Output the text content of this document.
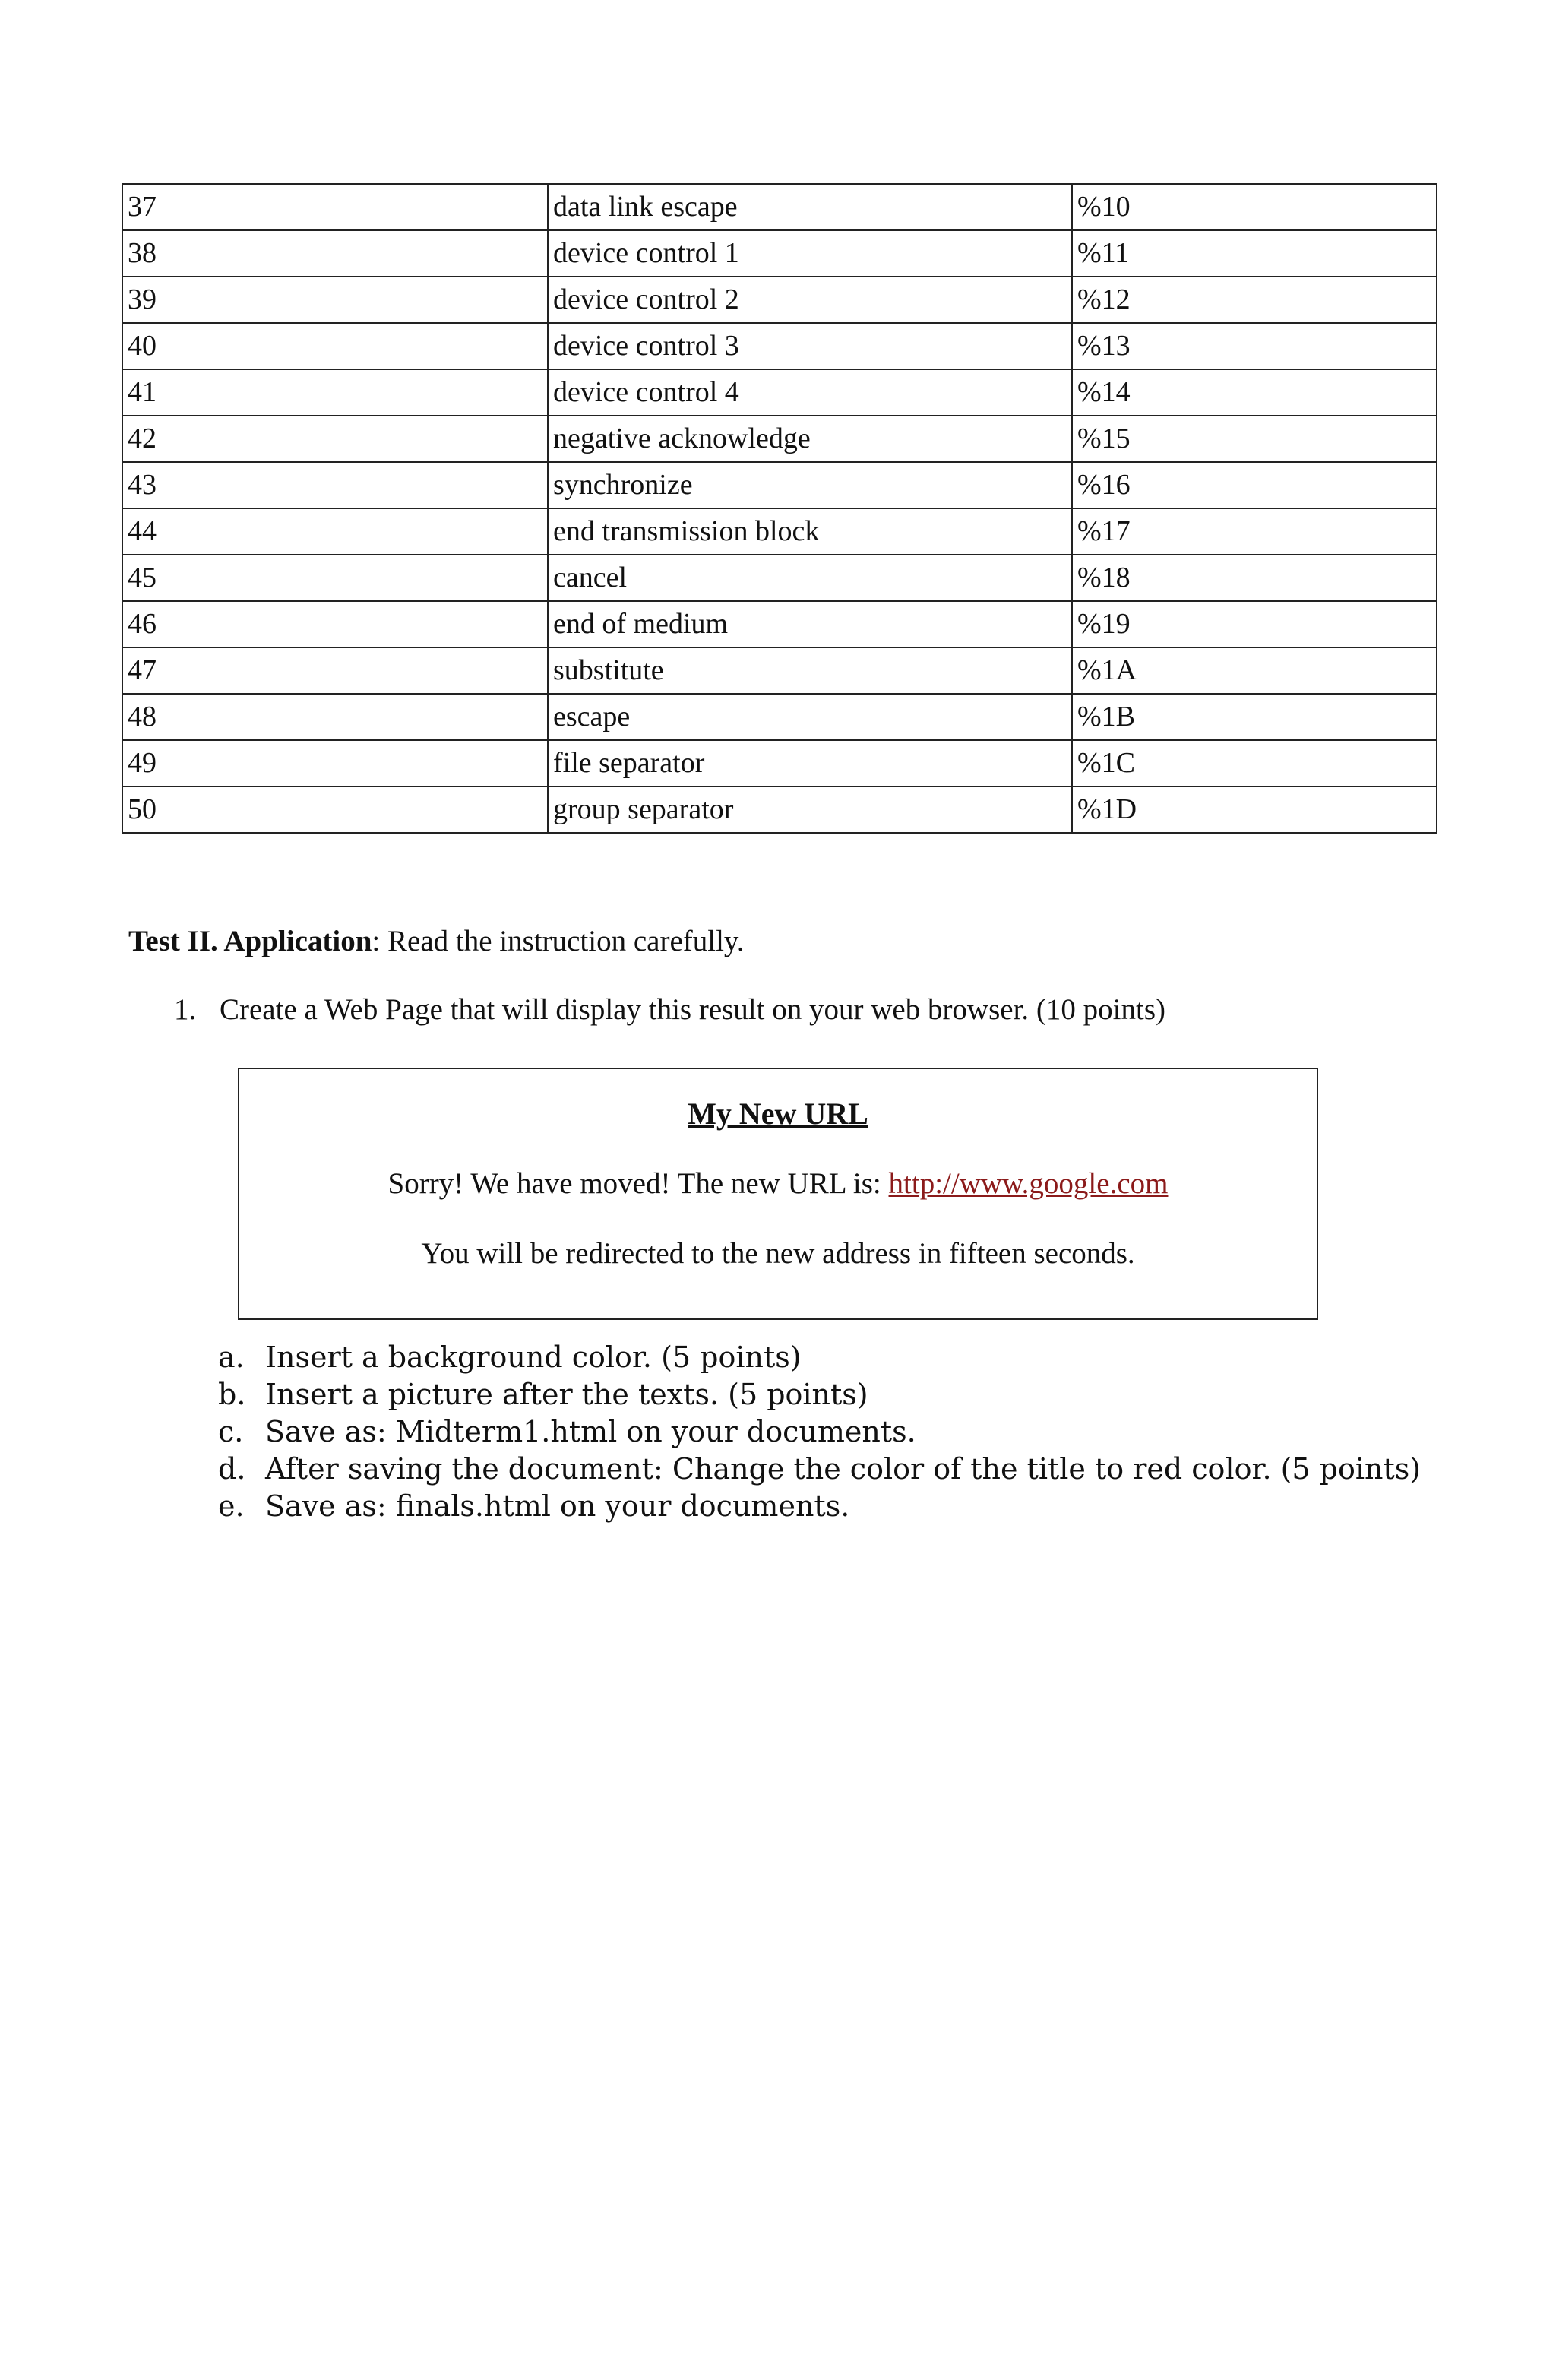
37	data link escape	%10
38	device control 1	%11
39	device control 2	%12
40	device control 3	%13
41	device control 4	%14
42	negative acknowledge	%15
43	synchronize	%16
44	end transmission block	%17
45	cancel	%18
46	end of medium	%19
47	substitute	%1A
48	escape	%1B
49	file separator	%1C
50	group separator	%1D
Test II. Application: Read the instruction carefully.
1. Create a Web Page that will display this result on your web browser. (10 points)
My New URL
Sorry! We have moved! The new URL is: http://www.google.com
You will be redirected to the new address in fifteen seconds.
a. Insert a background color. (5 points)
b. Insert a picture after the texts. (5 points)
c. Save as: Midterm1.html on your documents.
d. After saving the document: Change the color of the title to red color. (5 points)
e. Save as: finals.html on your documents.
